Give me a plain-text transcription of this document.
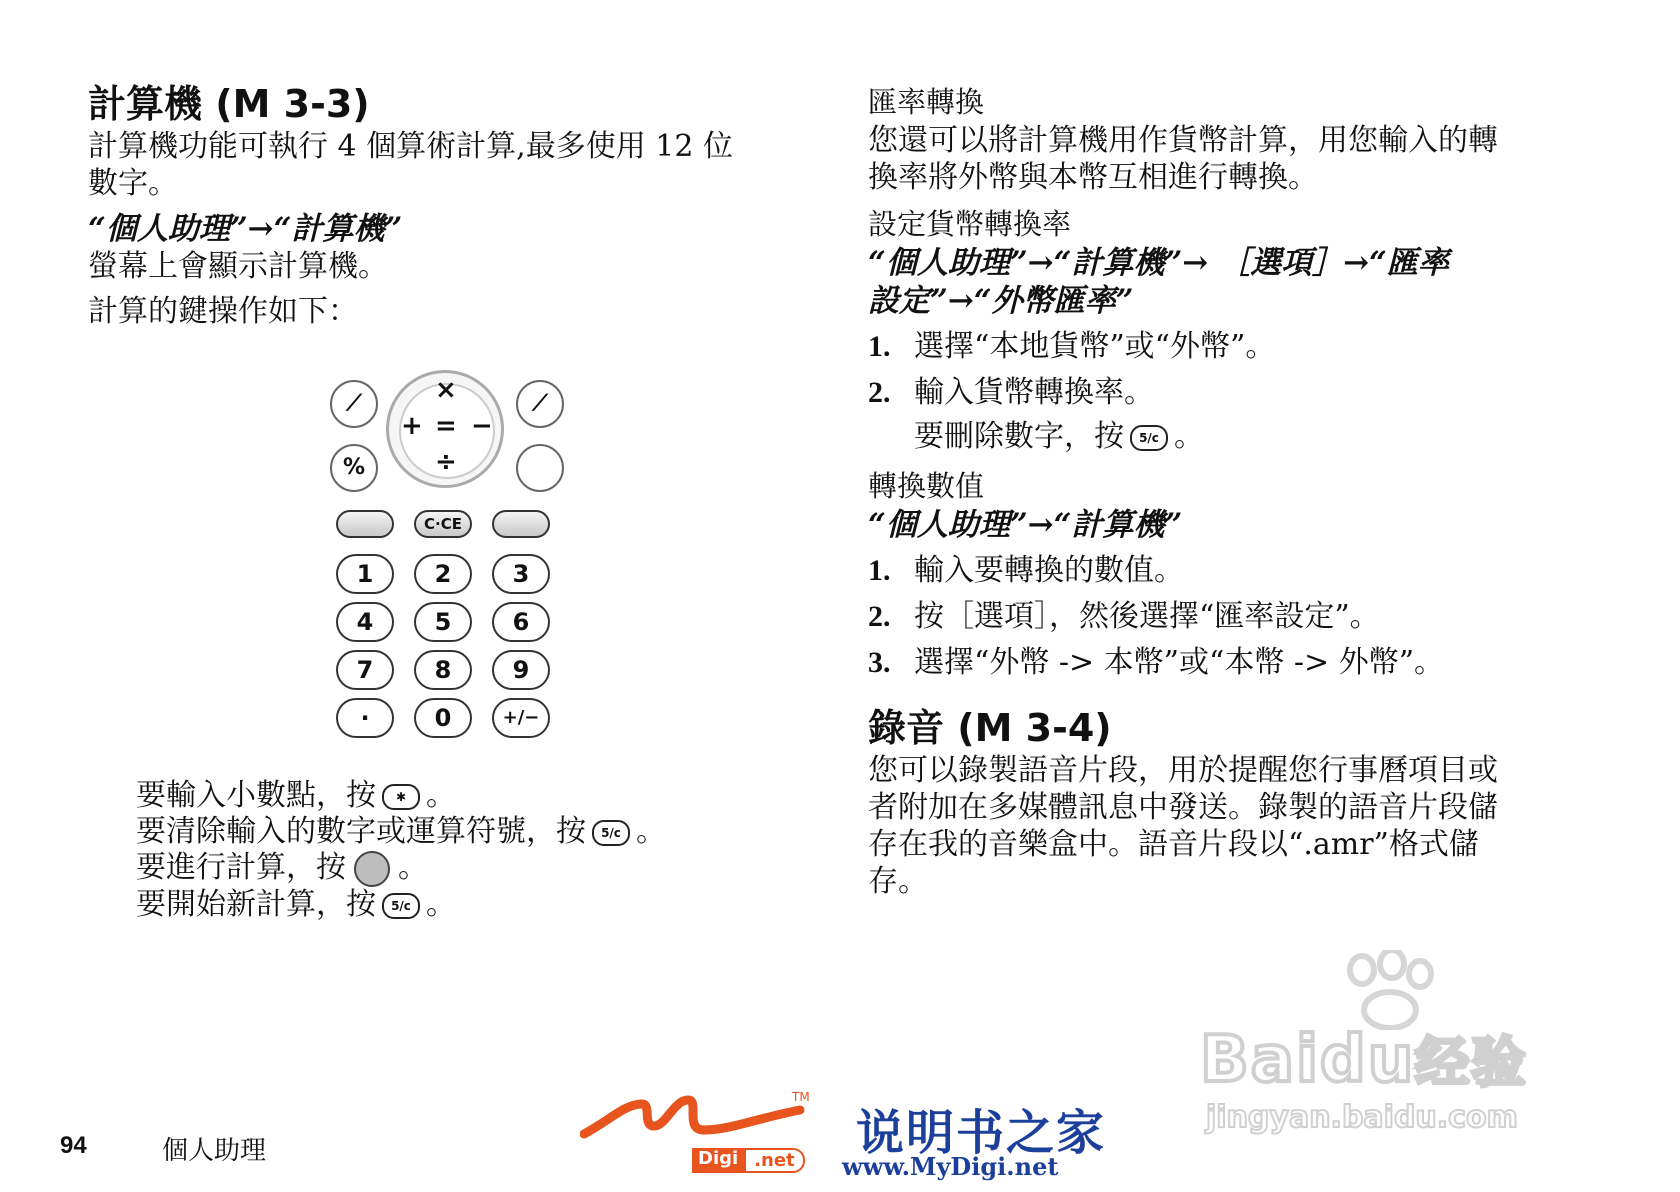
計算機 (M 3-3)

計算機功能可執行 4 個算術計算,最多使用 12 位

數字。

“個人助理”→“計算機”

螢幕上會顯示計算機。

計算的鍵操作如下：

⟋	⟋
%
×
+ = −
÷
C·CE
1	2	3
4	5	6
7	8	9
·	0	+/−

要輸入小數點，按 ✱ 。

要清除輸入的數字或運算符號，按 5/c 。

要進行計算，按 。

要開始新計算，按 5/c 。

匯率轉換

您還可以將計算機用作貨幣計算，用您輸入的轉

換率將外幣與本幣互相進行轉換。

設定貨幣轉換率

“個人助理”→“計算機”→ ［選項］→“匯率

設定”→“外幣匯率”

1. 選擇“本地貨幣”或“外幣”。
2. 輸入貨幣轉換率。
要刪除數字，按 5/c 。
轉換數值

“個人助理”→“計算機”

1. 輸入要轉換的數值。
2. 按［選項］，然後選擇“匯率設定”。
3. 選擇“外幣 -> 本幣”或“本幣 -> 外幣”。
錄音 (M 3-4)

您可以錄製語音片段，用於提醒您行事曆項目或

者附加在多媒體訊息中發送。錄製的語音片段儲

存在我的音樂盒中。語音片段以“.amr”格式儲

存。

94	個人助理
TM
Digi .net 说明书之家
www.MyDigi.net
Baidu经验
jingyan.baidu.com
